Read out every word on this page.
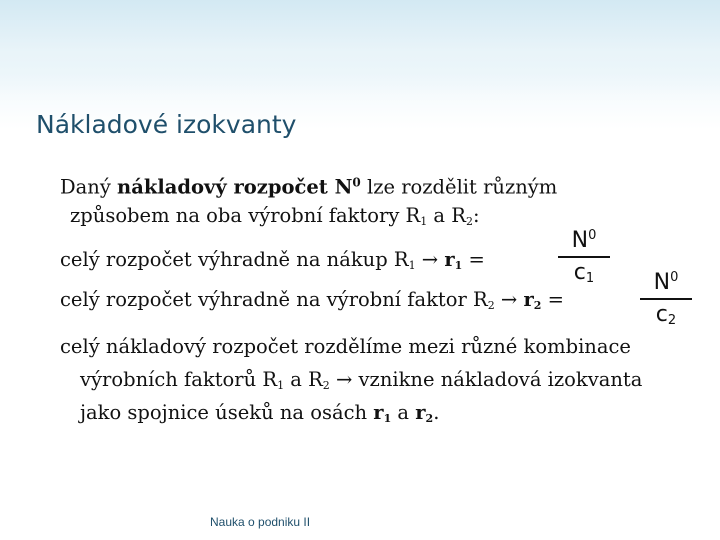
Nákladové izokvanty
Daný nákladový rozpočet $N^0$ lze rozdělit různým
způsobem na oba výrobní faktory $R_1$ a $R_2$:
celý rozpočet výhradně na nákup $R_1 \to r_1$ =
celý rozpočet výhradně na výrobní faktor $R_2 \to r_2$ =
celý nákladový rozpočet rozdělíme mezi různé kombinace
výrobních faktorů $R_1$ a $R_2$ → vznikne nákladová izokvanta
jako spojnice úseků na osách $r_1$ a $r_2$.
$N^0$
$c_1$	$N^0$
$c_2$
Nauka o podniku II
